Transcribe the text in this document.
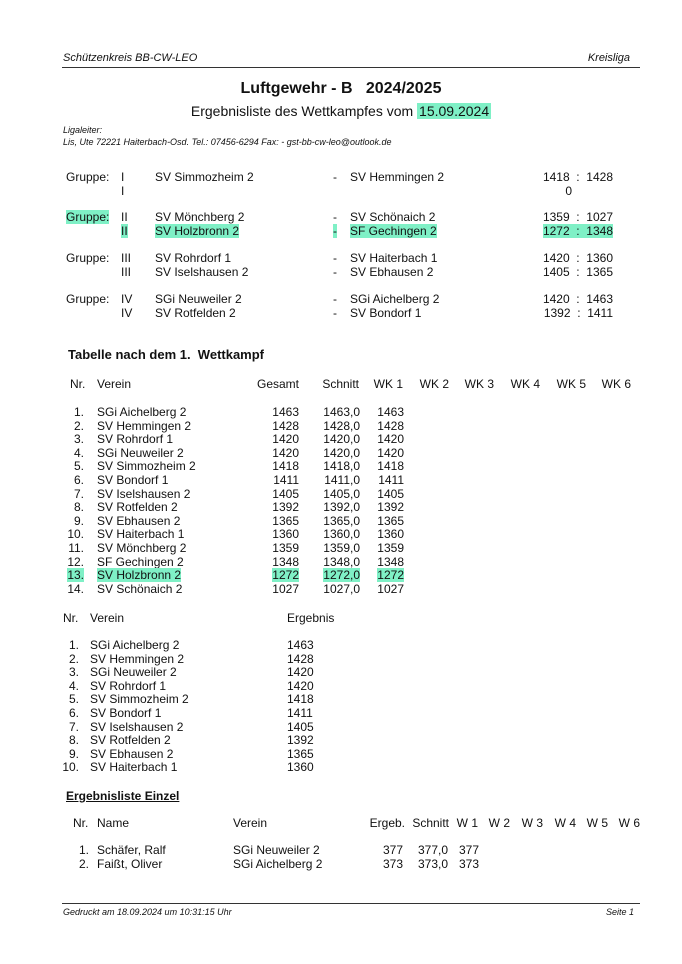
Schützenkreis BB-CW-LEO	Kreisliga
Luftgewehr - B   2024/2025
Ergebnisliste des Wettkampfes vom 15.09.2024
Ligaleiter:
Lis, Ute 72221 Haiterbach-Osd. Tel.: 07456-6294 Fax: - gst-bb-cw-leo@outlook.de
Gruppe: I	SV Simmozheim 2	- SV Hemmingen 2	1418  :  1428
I	0
Gruppe: II SV Mönchberg 2	- SV Schönaich 2	1359  :  1027
II SV Holzbronn 2	- SF Gechingen 2	1272  :  1348
Gruppe: III SV Rohrdorf 1	- SV Haiterbach 1	1420  :  1360
III SV Iselshausen 2	- SV Ebhausen 2	1405  :  1365
Gruppe: IV SGi Neuweiler 2	- SGi Aichelberg 2	1420  :  1463
IV SV Rotfelden 2	- SV Bondorf 1	1392  :  1411
Tabelle nach dem 1.  Wettkampf
Nr. Verein	Gesamt Schnitt WK 1 WK 2 WK 3 WK 4 WK 5 WK 6
1. SGi Aichelberg 2	1463 1463,0 1463
2. SV Hemmingen 2	1428 1428,0 1428
3. SV Rohrdorf 1	1420 1420,0 1420
4. SGi Neuweiler 2	1420 1420,0 1420
5. SV Simmozheim 2	1418 1418,0 1418
6. SV Bondorf 1	1411 1411,0 1411
7. SV Iselshausen 2	1405 1405,0 1405
8. SV Rotfelden 2	1392 1392,0 1392
9. SV Ebhausen 2	1365 1365,0 1365
10. SV Haiterbach 1	1360 1360,0 1360
11. SV Mönchberg 2	1359 1359,0 1359
12. SF Gechingen 2	1348 1348,0 1348
13. SV Holzbronn 2	1272 1272,0 1272
14. SV Schönaich 2	1027 1027,0 1027
Nr. Verein	Ergebnis
1. SGi Aichelberg 2	1463
2. SV Hemmingen 2	1428
3. SGi Neuweiler 2	1420
4. SV Rohrdorf 1	1420
5. SV Simmozheim 2	1418
6. SV Bondorf 1	1411
7. SV Iselshausen 2	1405
8. SV Rotfelden 2	1392
9. SV Ebhausen 2	1365
10. SV Haiterbach 1	1360
Ergebnisliste Einzel
Nr. Name	Verein	Ergeb. Schnitt W 1 W 2 W 3 W 4 W 5 W 6
1. Schäfer, Ralf	SGi Neuweiler 2	377 377,0 377
2. Faißt, Oliver	SGi Aichelberg 2	373 373,0 373
Gedruckt am 18.09.2024 um 10:31:15 Uhr	Seite 1
